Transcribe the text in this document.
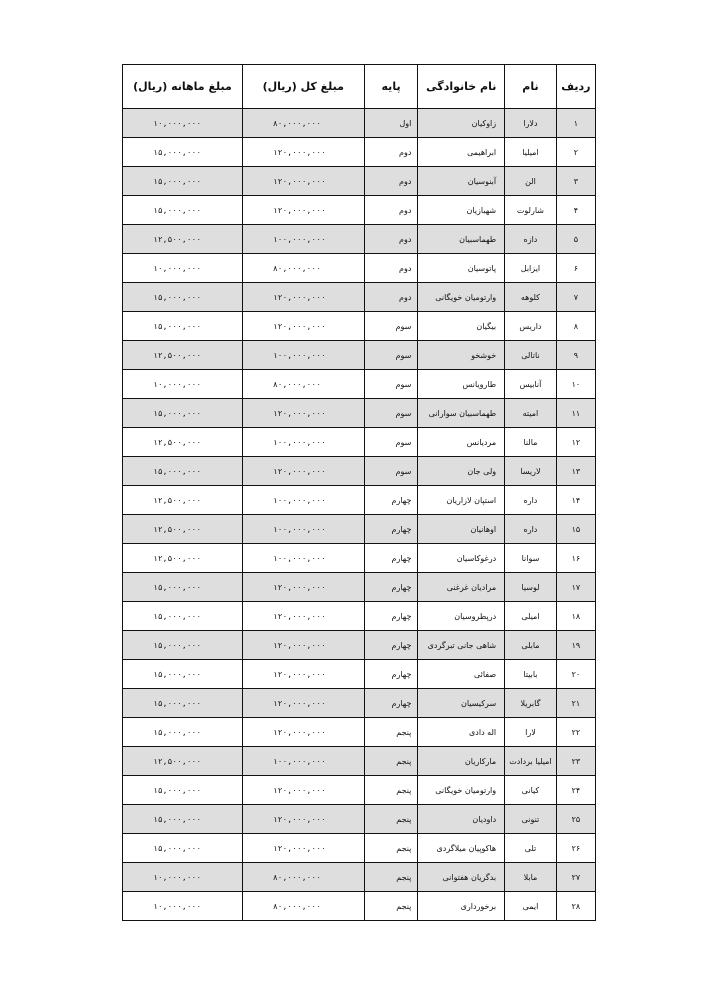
ردیف	نام	نام خانوادگی	پایه	مبلغ کل (ریال)	مبلغ ماهانه (ریال)
۱	دلارا	زاوکیان	اول	۸۰,۰۰۰,۰۰۰	۱۰,۰۰۰,۰۰۰
۲	امیلیا	ابراهیمی	دوم	۱۲۰,۰۰۰,۰۰۰	۱۵,۰۰۰,۰۰۰
۳	الن	آبنوسیان	دوم	۱۲۰,۰۰۰,۰۰۰	۱۵,۰۰۰,۰۰۰
۴	شارلوت	شهبازیان	دوم	۱۲۰,۰۰۰,۰۰۰	۱۵,۰۰۰,۰۰۰
۵	دازه	طهماسبیان	دوم	۱۰۰,۰۰۰,۰۰۰	۱۲,۵۰۰,۰۰۰
۶	ایزابل	پاتوسیان	دوم	۸۰,۰۰۰,۰۰۰	۱۰,۰۰۰,۰۰۰
۷	کلوهه	وارتومیان خویگانی	دوم	۱۲۰,۰۰۰,۰۰۰	۱۵,۰۰۰,۰۰۰
۸	داریس	بیگیان	سوم	۱۲۰,۰۰۰,۰۰۰	۱۵,۰۰۰,۰۰۰
۹	ناتالی	خوشخو	سوم	۱۰۰,۰۰۰,۰۰۰	۱۲,۵۰۰,۰۰۰
۱۰	آنابیس	طارویانس	سوم	۸۰,۰۰۰,۰۰۰	۱۰,۰۰۰,۰۰۰
۱۱	امیته	طهماسبیان سوارانی	سوم	۱۲۰,۰۰۰,۰۰۰	۱۵,۰۰۰,۰۰۰
۱۲	مالنا	مردیانس	سوم	۱۰۰,۰۰۰,۰۰۰	۱۲,۵۰۰,۰۰۰
۱۳	لاریسا	ولی جان	سوم	۱۲۰,۰۰۰,۰۰۰	۱۵,۰۰۰,۰۰۰
۱۴	داره	استپان لازاریان	چهارم	۱۰۰,۰۰۰,۰۰۰	۱۲,۵۰۰,۰۰۰
۱۵	داره	اوهانیان	چهارم	۱۰۰,۰۰۰,۰۰۰	۱۲,۵۰۰,۰۰۰
۱۶	سوانا	درغوکاسیان	چهارم	۱۰۰,۰۰۰,۰۰۰	۱۲,۵۰۰,۰۰۰
۱۷	لوسیا	مرادیان غرغنی	چهارم	۱۲۰,۰۰۰,۰۰۰	۱۵,۰۰۰,۰۰۰
۱۸	امیلی	درپطروسیان	چهارم	۱۲۰,۰۰۰,۰۰۰	۱۵,۰۰۰,۰۰۰
۱۹	مابلی	شاهی جانی تبرگردی	چهارم	۱۲۰,۰۰۰,۰۰۰	۱۵,۰۰۰,۰۰۰
۲۰	بابیتا	صفائی	چهارم	۱۲۰,۰۰۰,۰۰۰	۱۵,۰۰۰,۰۰۰
۲۱	گابریلا	سرکیسیان	چهارم	۱۲۰,۰۰۰,۰۰۰	۱۵,۰۰۰,۰۰۰
۲۲	لارا	اله دادی	پنجم	۱۲۰,۰۰۰,۰۰۰	۱۵,۰۰۰,۰۰۰
۲۳	امیلیا بردادت	مارکاریان	پنجم	۱۰۰,۰۰۰,۰۰۰	۱۲,۵۰۰,۰۰۰
۲۴	کیانی	وارتومیان خویگانی	پنجم	۱۲۰,۰۰۰,۰۰۰	۱۵,۰۰۰,۰۰۰
۲۵	تنونی	داودیان	پنجم	۱۲۰,۰۰۰,۰۰۰	۱۵,۰۰۰,۰۰۰
۲۶	تلی	هاکوپیان میلاگردی	پنجم	۱۲۰,۰۰۰,۰۰۰	۱۵,۰۰۰,۰۰۰
۲۷	مابلا	بدگریان هفتوانی	پنجم	۸۰,۰۰۰,۰۰۰	۱۰,۰۰۰,۰۰۰
۲۸	ایمی	برخورداری	پنجم	۸۰,۰۰۰,۰۰۰	۱۰,۰۰۰,۰۰۰
